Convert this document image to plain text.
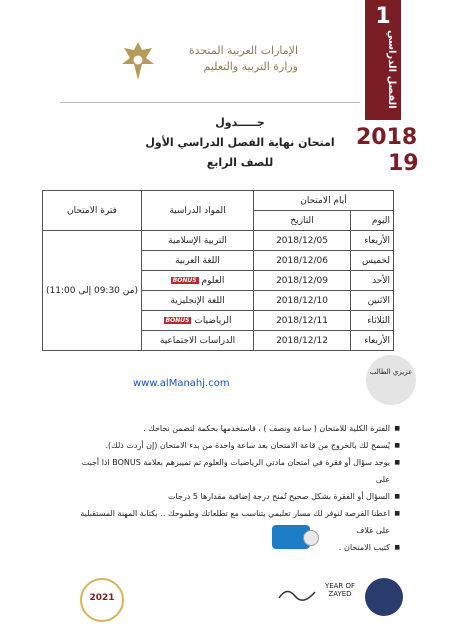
الإمارات العربية المتحدة
وزارة التربية والتعليم
1
الفصل الدراسي
جـــــدول
امتحان نهاية الفصل الدراسي الأول
للصف الرابع
2018
19
أيام الامتحان		المواد الدراسية	فترة الامتحان
اليوم	التاريخ		
الأربعاء	2018/12/05	التربية الإسلامية	(من 09:30 إلى 11:00)
لخميس	2018/12/06	اللغة العربية	
الأحد	2018/12/09	العلومBONUS	
الاثنين	2018/12/10	اللغة الإنجليزية	
الثلاثاء	2018/12/11	الرياضياتBONUS	
الأربعاء	2018/12/12	الدراسات الاجتماعية	
www.alManahj.com
عزيزي الطالب
■ الفترة الكلية للامتحان ( ساعة ونصف ) ، فاستخدمها بحكمة لتضمن نجاحك .
■ يُسمح لك بالخروج من قاعة الامتحان بعد ساعة واحدة من بدء الامتحان (إن أردت ذلك).
■ يوجد سؤال أو فقرة في امتحان مادتي الرياضيات والعلوم تم تمييزهم بعلامة BONUS اذا أجبت على
■ السؤال أو الفقرة بشكل صحيح تُمنح درجة إضافية مقدارها 5 درجات
■ اعطنا الفرصة لنوفر لك مسار تعليمي يتناسب مع تطلعاتك وطموحك .. بكتابة المهنة المستقبلية على غلاف
■ كتيب الامتحان .
2021
YEAR OF ZAYED
